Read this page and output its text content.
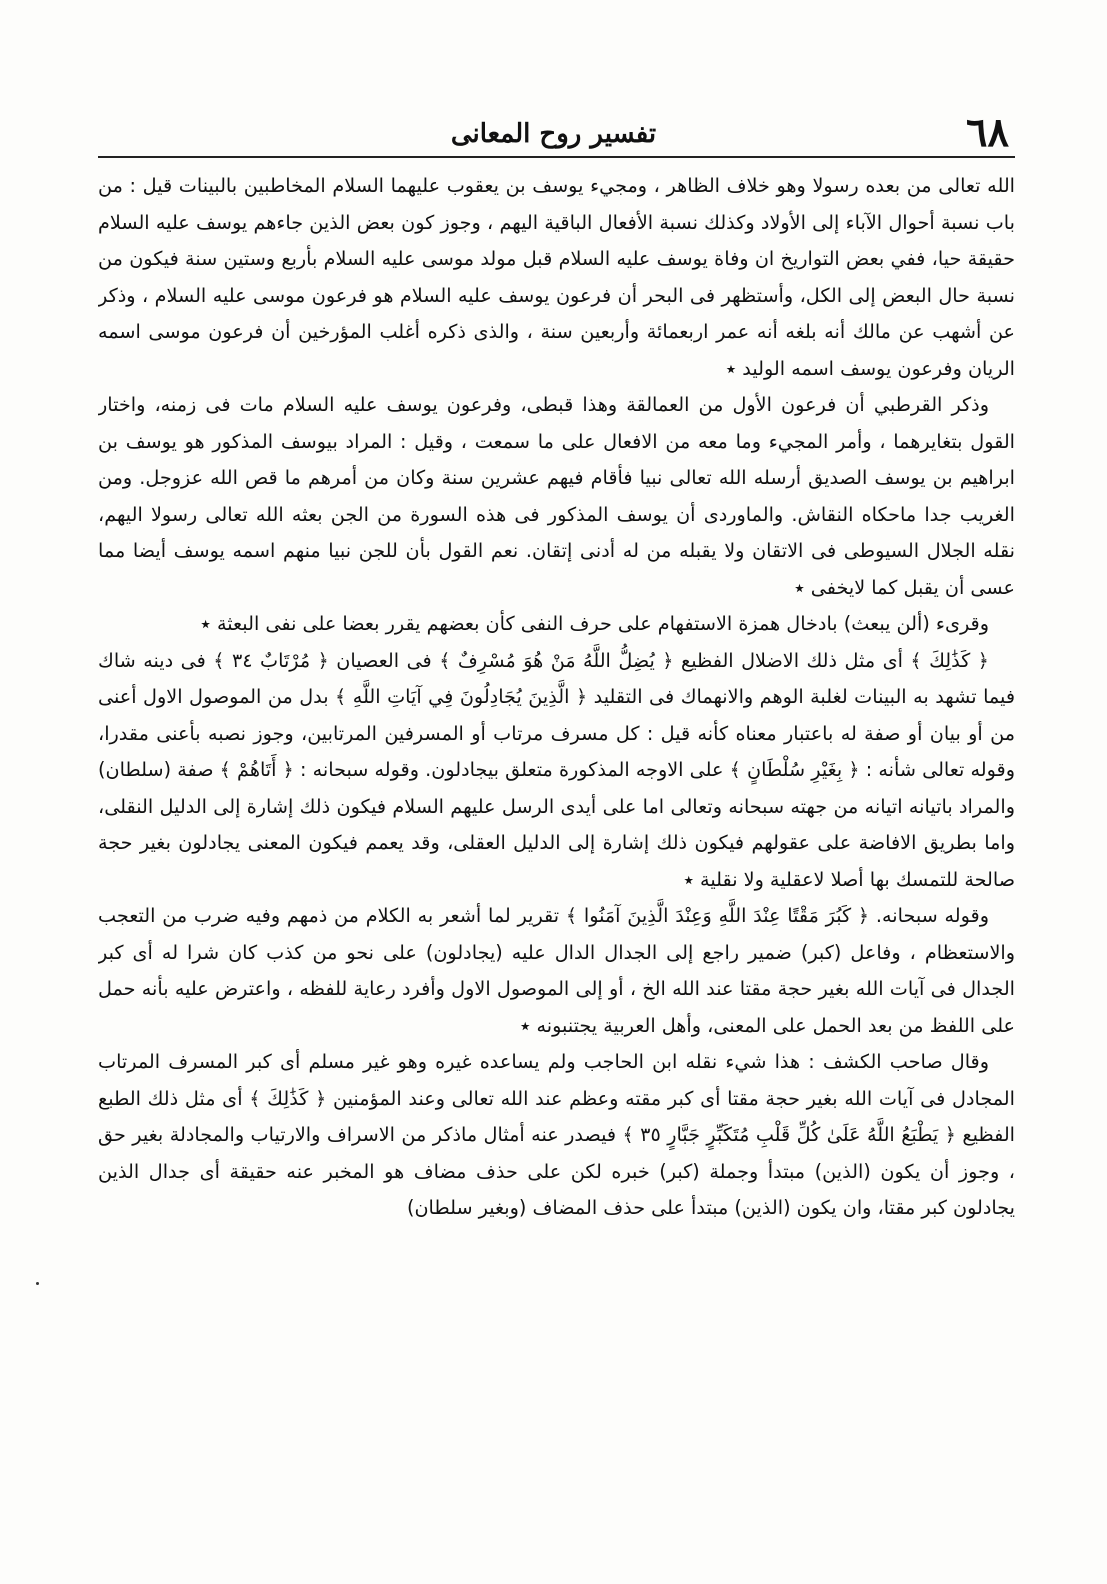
٦٨
تفسير روح المعانى

الله تعالى من بعده رسولا وهو خلاف الظاهر ، ومجيء يوسف بن يعقوب عليهما السلام المخاطبين بالبينات قيل : من باب نسبة أحوال الآباء إلى الأولاد وكذلك نسبة الأفعال الباقية اليهم ، وجوز كون بعض الذين جاءهم يوسف عليه السلام حقيقة حيا، ففي بعض التواريخ ان وفاة يوسف عليه السلام قبل مولد موسى عليه السلام بأربع وستين سنة فيكون من نسبة حال البعض إلى الكل، وأستظهر فى البحر أن فرعون يوسف عليه السلام هو فرعون موسى عليه السلام ، وذكر عن أشهب عن مالك أنه بلغه أنه عمر اربعمائة وأربعين سنة ، والذى ذكره أغلب المؤرخين أن فرعون موسى اسمه الريان وفرعون يوسف اسمه الوليد ٭

وذكر القرطبي أن فرعون الأول من العمالقة وهذا قبطى، وفرعون يوسف عليه السلام مات فى زمنه، واختار القول بتغايرهما ، وأمر المجيء وما معه من الافعال على ما سمعت ، وقيل : المراد بيوسف المذكور هو يوسف بن ابراهيم بن يوسف الصديق أرسله الله تعالى نبيا فأقام فيهم عشرين سنة وكان من أمرهم ما قص الله عزوجل. ومن الغريب جدا ماحكاه النقاش. والماوردى أن يوسف المذكور فى هذه السورة من الجن بعثه الله تعالى رسولا اليهم، نقله الجلال السيوطى فى الاتقان ولا يقبله من له أدنى إتقان. نعم القول بأن للجن نبيا منهم اسمه يوسف أيضا مما عسى أن يقبل كما لايخفى ٭

وقرىء (ألن يبعث) بادخال همزة الاستفهام على حرف النفى كأن بعضهم يقرر بعضا على نفى البعثة ٭

﴿ كَذَٰلِكَ ﴾ أى مثل ذلك الاضلال الفظيع ﴿ يُضِلُّ اللَّهُ مَنْ هُوَ مُسْرِفٌ ﴾ فى العصيان ﴿ مُرْتَابٌ ٣٤ ﴾ فى دينه شاك فيما تشهد به البينات لغلبة الوهم والانهماك فى التقليد ﴿ الَّذِينَ يُجَادِلُونَ فِي آيَاتِ اللَّهِ ﴾ بدل من الموصول الاول أعنى من أو بيان أو صفة له باعتبار معناه كأنه قيل : كل مسرف مرتاب أو المسرفين المرتابين، وجوز نصبه بأعنى مقدرا، وقوله تعالى شأنه : ﴿ بِغَيْرِ سُلْطَانٍ ﴾ على الاوجه المذكورة متعلق بيجادلون. وقوله سبحانه : ﴿ أَتَاهُمْ ﴾ صفة (سلطان) والمراد باتيانه اتيانه من جهته سبحانه وتعالى اما على أيدى الرسل عليهم السلام فيكون ذلك إشارة إلى الدليل النقلى، واما بطريق الافاضة على عقولهم فيكون ذلك إشارة إلى الدليل العقلى، وقد يعمم فيكون المعنى يجادلون بغير حجة صالحة للتمسك بها أصلا لاعقلية ولا نقلية ٭

وقوله سبحانه. ﴿ كَبُرَ مَقْتًا عِنْدَ اللَّهِ وَعِنْدَ الَّذِينَ آمَنُوا ﴾ تقرير لما أشعر به الكلام من ذمهم وفيه ضرب من التعجب والاستعظام ، وفاعل (كبر) ضمير راجع إلى الجدال الدال عليه (يجادلون) على نحو من كذب كان شرا له أى كبر الجدال فى آيات الله بغير حجة مقتا عند الله الخ ، أو إلى الموصول الاول وأفرد رعاية للفظه ، واعترض عليه بأنه حمل على اللفظ من بعد الحمل على المعنى، وأهل العربية يجتنبونه ٭

وقال صاحب الكشف : هذا شيء نقله ابن الحاجب ولم يساعده غيره وهو غير مسلم أى كبر المسرف المرتاب المجادل فى آيات الله بغير حجة مقتا أى كبر مقته وعظم عند الله تعالى وعند المؤمنين ﴿ كَذَٰلِكَ ﴾ أى مثل ذلك الطبع الفظيع ﴿ يَطْبَعُ اللَّهُ عَلَىٰ كُلِّ قَلْبِ مُتَكَبِّرٍ جَبَّارٍ ٣٥ ﴾ فيصدر عنه أمثال ماذكر من الاسراف والارتياب والمجادلة بغير حق ، وجوز أن يكون (الذين) مبتدأ وجملة (كبر) خبره لكن على حذف مضاف هو المخبر عنه حقيقة أى جدال الذين يجادلون كبر مقتا، وان يكون (الذين) مبتدأ على حذف المضاف (وبغير سلطان)
